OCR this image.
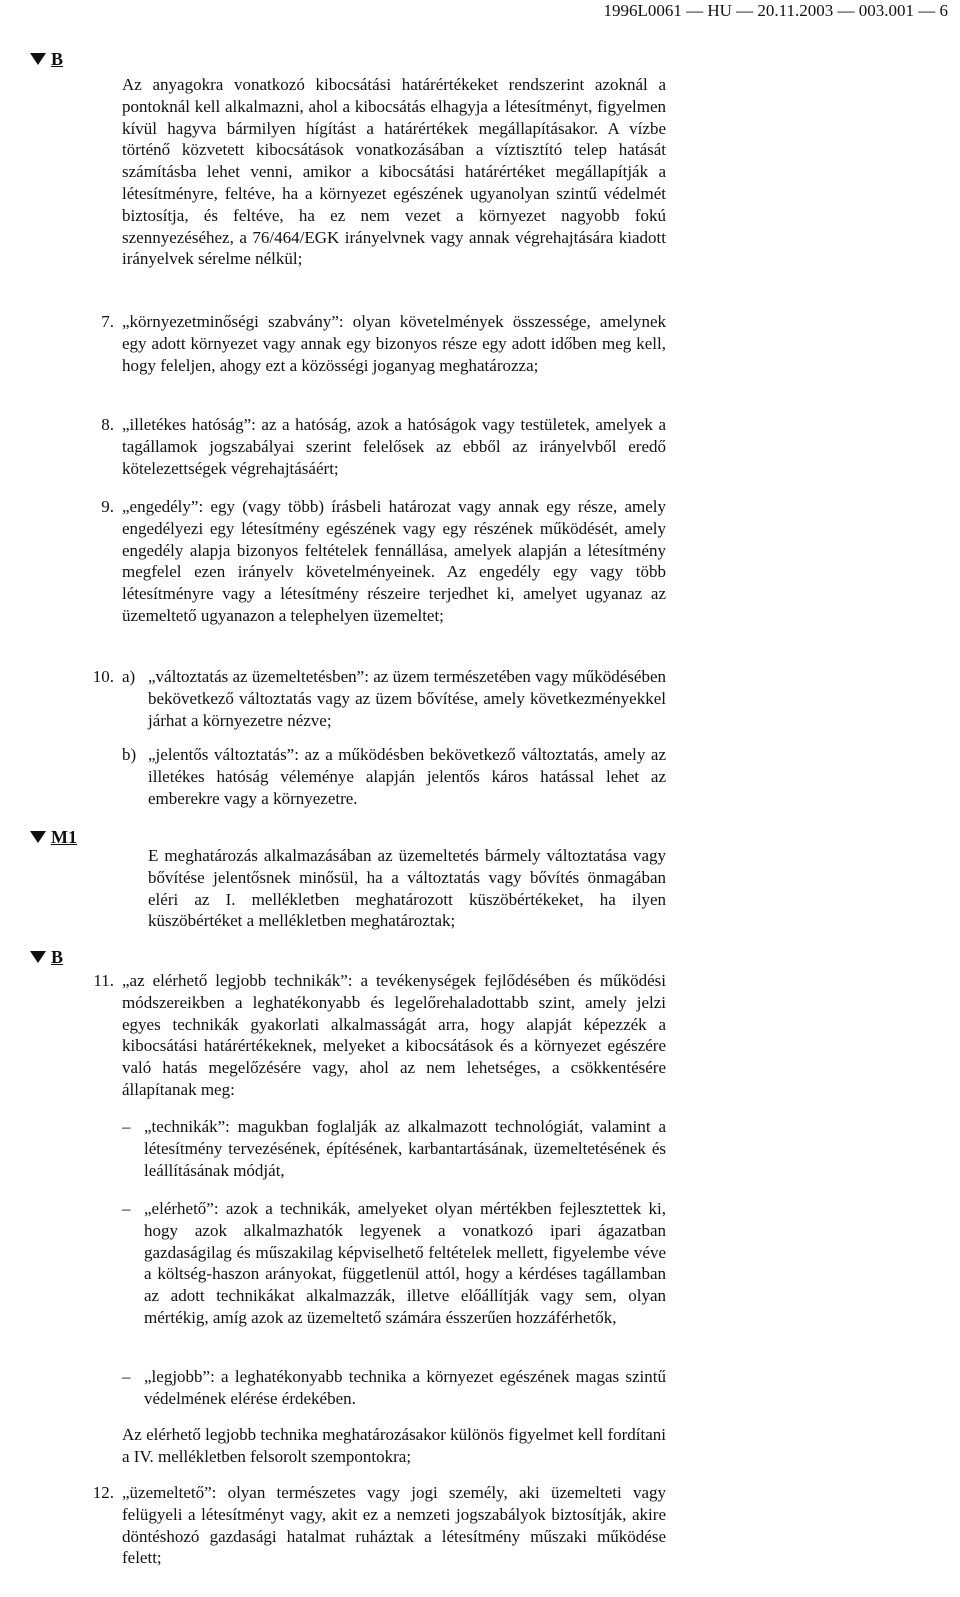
1996L0061 — HU — 20.11.2003 — 003.001 — 6
B

Az anyagokra vonatkozó kibocsátási határértékeket rendszerint azoknál a pontoknál kell alkalmazni, ahol a kibocsátás elhagyja a létesítményt, figyelmen kívül hagyva bármilyen hígítást a határértékek megállapításakor. A vízbe történő közvetett kibocsátások vonatkozásában a víztisztító telep hatását számításba lehet venni, amikor a kibocsátási határértéket megállapítják a létesítményre, feltéve, ha a környezet egészének ugyanolyan szintű védelmét biztosítja, és feltéve, ha ez nem vezet a környezet nagyobb fokú szennyezéséhez, a 76/464/EGK irányelvnek vagy annak végrehajtására kiadott irányelvek sérelme nélkül;

7. „környezetminőségi szabvány”: olyan követelmények összessége, amelynek egy adott környezet vagy annak egy bizonyos része egy adott időben meg kell, hogy feleljen, ahogy ezt a közösségi joganyag meghatározza;

8. „illetékes hatóság”: az a hatóság, azok a hatóságok vagy testületek, amelyek a tagállamok jogszabályai szerint felelősek az ebből az irányelvből eredő kötelezettségek végrehajtásáért;

9. „engedély”: egy (vagy több) írásbeli határozat vagy annak egy része, amely engedélyezi egy létesítmény egészének vagy egy részének működését, amely engedély alapja bizonyos feltételek fennállása, amelyek alapján a létesítmény megfelel ezen irányelv követelményeinek. Az engedély egy vagy több létesítményre vagy a létesítmény részeire terjedhet ki, amelyet ugyanaz az üzemeltető ugyanazon a telephelyen üzemeltet;

10. a) „változtatás az üzemeltetésben”: az üzem természetében vagy működésében bekövetkező változtatás vagy az üzem bővítése, amely következményekkel járhat a környezetre nézve;

b) „jelentős változtatás”: az a működésben bekövetkező változtatás, amely az illetékes hatóság véleménye alapján jelentős káros hatással lehet az emberekre vagy a környezetre.

M1

E meghatározás alkalmazásában az üzemeltetés bármely változtatása vagy bővítése jelentősnek minősül, ha a változtatás vagy bővítés önmagában eléri az I. mellékletben meghatározott küszöbértékeket, ha ilyen küszöbértéket a mellékletben meghatároztak;

B
11. „az elérhető legjobb technikák”: a tevékenységek fejlődésében és működési módszereikben a leghatékonyabb és legelőrehaladottabb szint, amely jelzi egyes technikák gyakorlati alkalmasságát arra, hogy alapját képezzék a kibocsátási határértékeknek, melyeket a kibocsátások és a környezet egészére való hatás megelőzésére vagy, ahol az nem lehetséges, a csökkentésére állapítanak meg:

– „technikák”: magukban foglalják az alkalmazott technológiát, valamint a létesítmény tervezésének, építésének, karbantartásának, üzemeltetésének és leállításának módját,

– „elérhető”: azok a technikák, amelyeket olyan mértékben fejlesztettek ki, hogy azok alkalmazhatók legyenek a vonatkozó ipari ágazatban gazdaságilag és műszakilag képviselhető feltételek mellett, figyelembe véve a költség-haszon arányokat, függetlenül attól, hogy a kérdéses tagállamban az adott technikákat alkalmazzák, illetve előállítják vagy sem, olyan mértékig, amíg azok az üzemeltető számára ésszerűen hozzáférhetők,

– „legjobb”: a leghatékonyabb technika a környezet egészének magas szintű védelmének elérése érdekében.

Az elérhető legjobb technika meghatározásakor különös figyelmet kell fordítani a IV. mellékletben felsorolt szempontokra;

12. „üzemeltető”: olyan természetes vagy jogi személy, aki üzemelteti vagy felügyeli a létesítményt vagy, akit ez a nemzeti jogszabályok biztosítják, akire döntéshozó gazdasági hatalmat ruháztak a létesítmény műszaki működése felett;
